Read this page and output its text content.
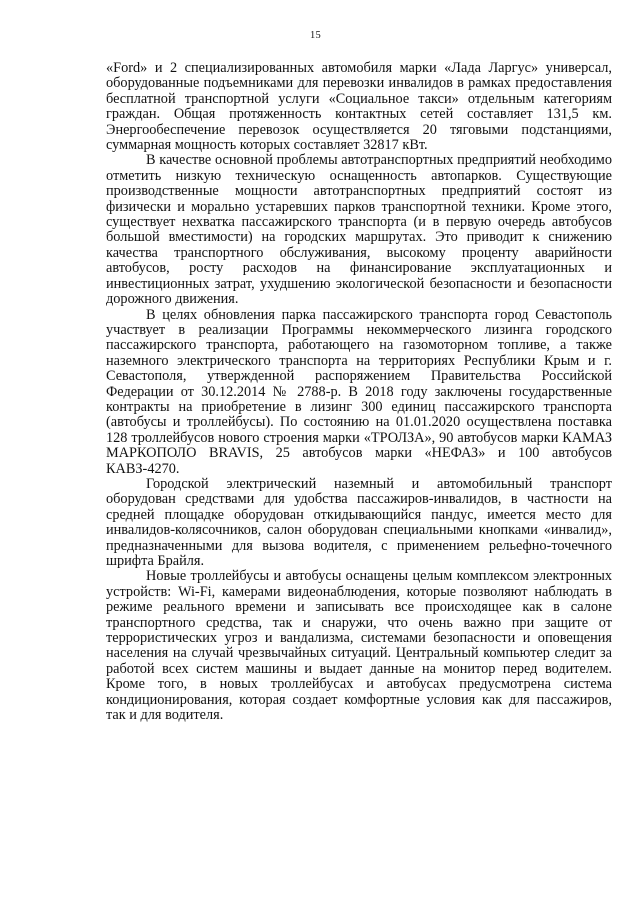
15

«Ford» и 2 специализированных автомобиля марки «Лада Ларгус» универсал, оборудованные подъемниками для перевозки инвалидов в рамках предоставления бесплатной транспортной услуги «Социальное такси» отдельным категориям граждан. Общая протяженность контактных сетей составляет 131,5 км. Энергообеспечение перевозок осуществляется 20 тяговыми подстанциями, суммарная мощность которых составляет 32817 кВт.

В качестве основной проблемы автотранспортных предприятий необходимо отметить низкую техническую оснащенность автопарков. Существующие производственные мощности автотранспортных предприятий состоят из физически и морально устаревших парков транспортной техники. Кроме этого, существует нехватка пассажирского транспорта (и в первую очередь автобусов большой вместимости) на городских маршрутах. Это приводит к снижению качества транспортного обслуживания, высокому проценту аварийности автобусов, росту расходов на финансирование эксплуатационных и инвестиционных затрат, ухудшению экологической безопасности и безопасности дорожного движения.

В целях обновления парка пассажирского транспорта город Севастополь участвует в реализации Программы некоммерческого лизинга городского пассажирского транспорта, работающего на газомоторном топливе, а также наземного электрического транспорта на территориях Республики Крым и г. Севастополя, утвержденной распоряжением Правительства Российской Федерации от 30.12.2014 № 2788-р. В 2018 году заключены государственные контракты на приобретение в лизинг 300 единиц пассажирского транспорта (автобусы и троллейбусы). По состоянию на 01.01.2020 осуществлена поставка 128 троллейбусов нового строения марки «ТРОЛЗА», 90 автобусов марки КАМАЗ МАРКОПОЛО BRAVIS, 25 автобусов марки «НЕФАЗ» и 100 автобусов КАВЗ-4270.

Городской электрический наземный и автомобильный транспорт оборудован средствами для удобства пассажиров-инвалидов, в частности на средней площадке оборудован откидывающийся пандус, имеется место для инвалидов-колясочников, салон оборудован специальными кнопками «инвалид», предназначенными для вызова водителя, с применением рельефно-точечного шрифта Брайля.

Новые троллейбусы и автобусы оснащены целым комплексом электронных устройств: Wi-Fi, камерами видеонаблюдения, которые позволяют наблюдать в режиме реального времени и записывать все происходящее как в салоне транспортного средства, так и снаружи, что очень важно при защите от террористических угроз и вандализма, системами безопасности и оповещения населения на случай чрезвычайных ситуаций. Центральный компьютер следит за работой всех систем машины и выдает данные на монитор перед водителем. Кроме того, в новых троллейбусах и автобусах предусмотрена система кондиционирования, которая создает комфортные условия как для пассажиров, так и для водителя.
